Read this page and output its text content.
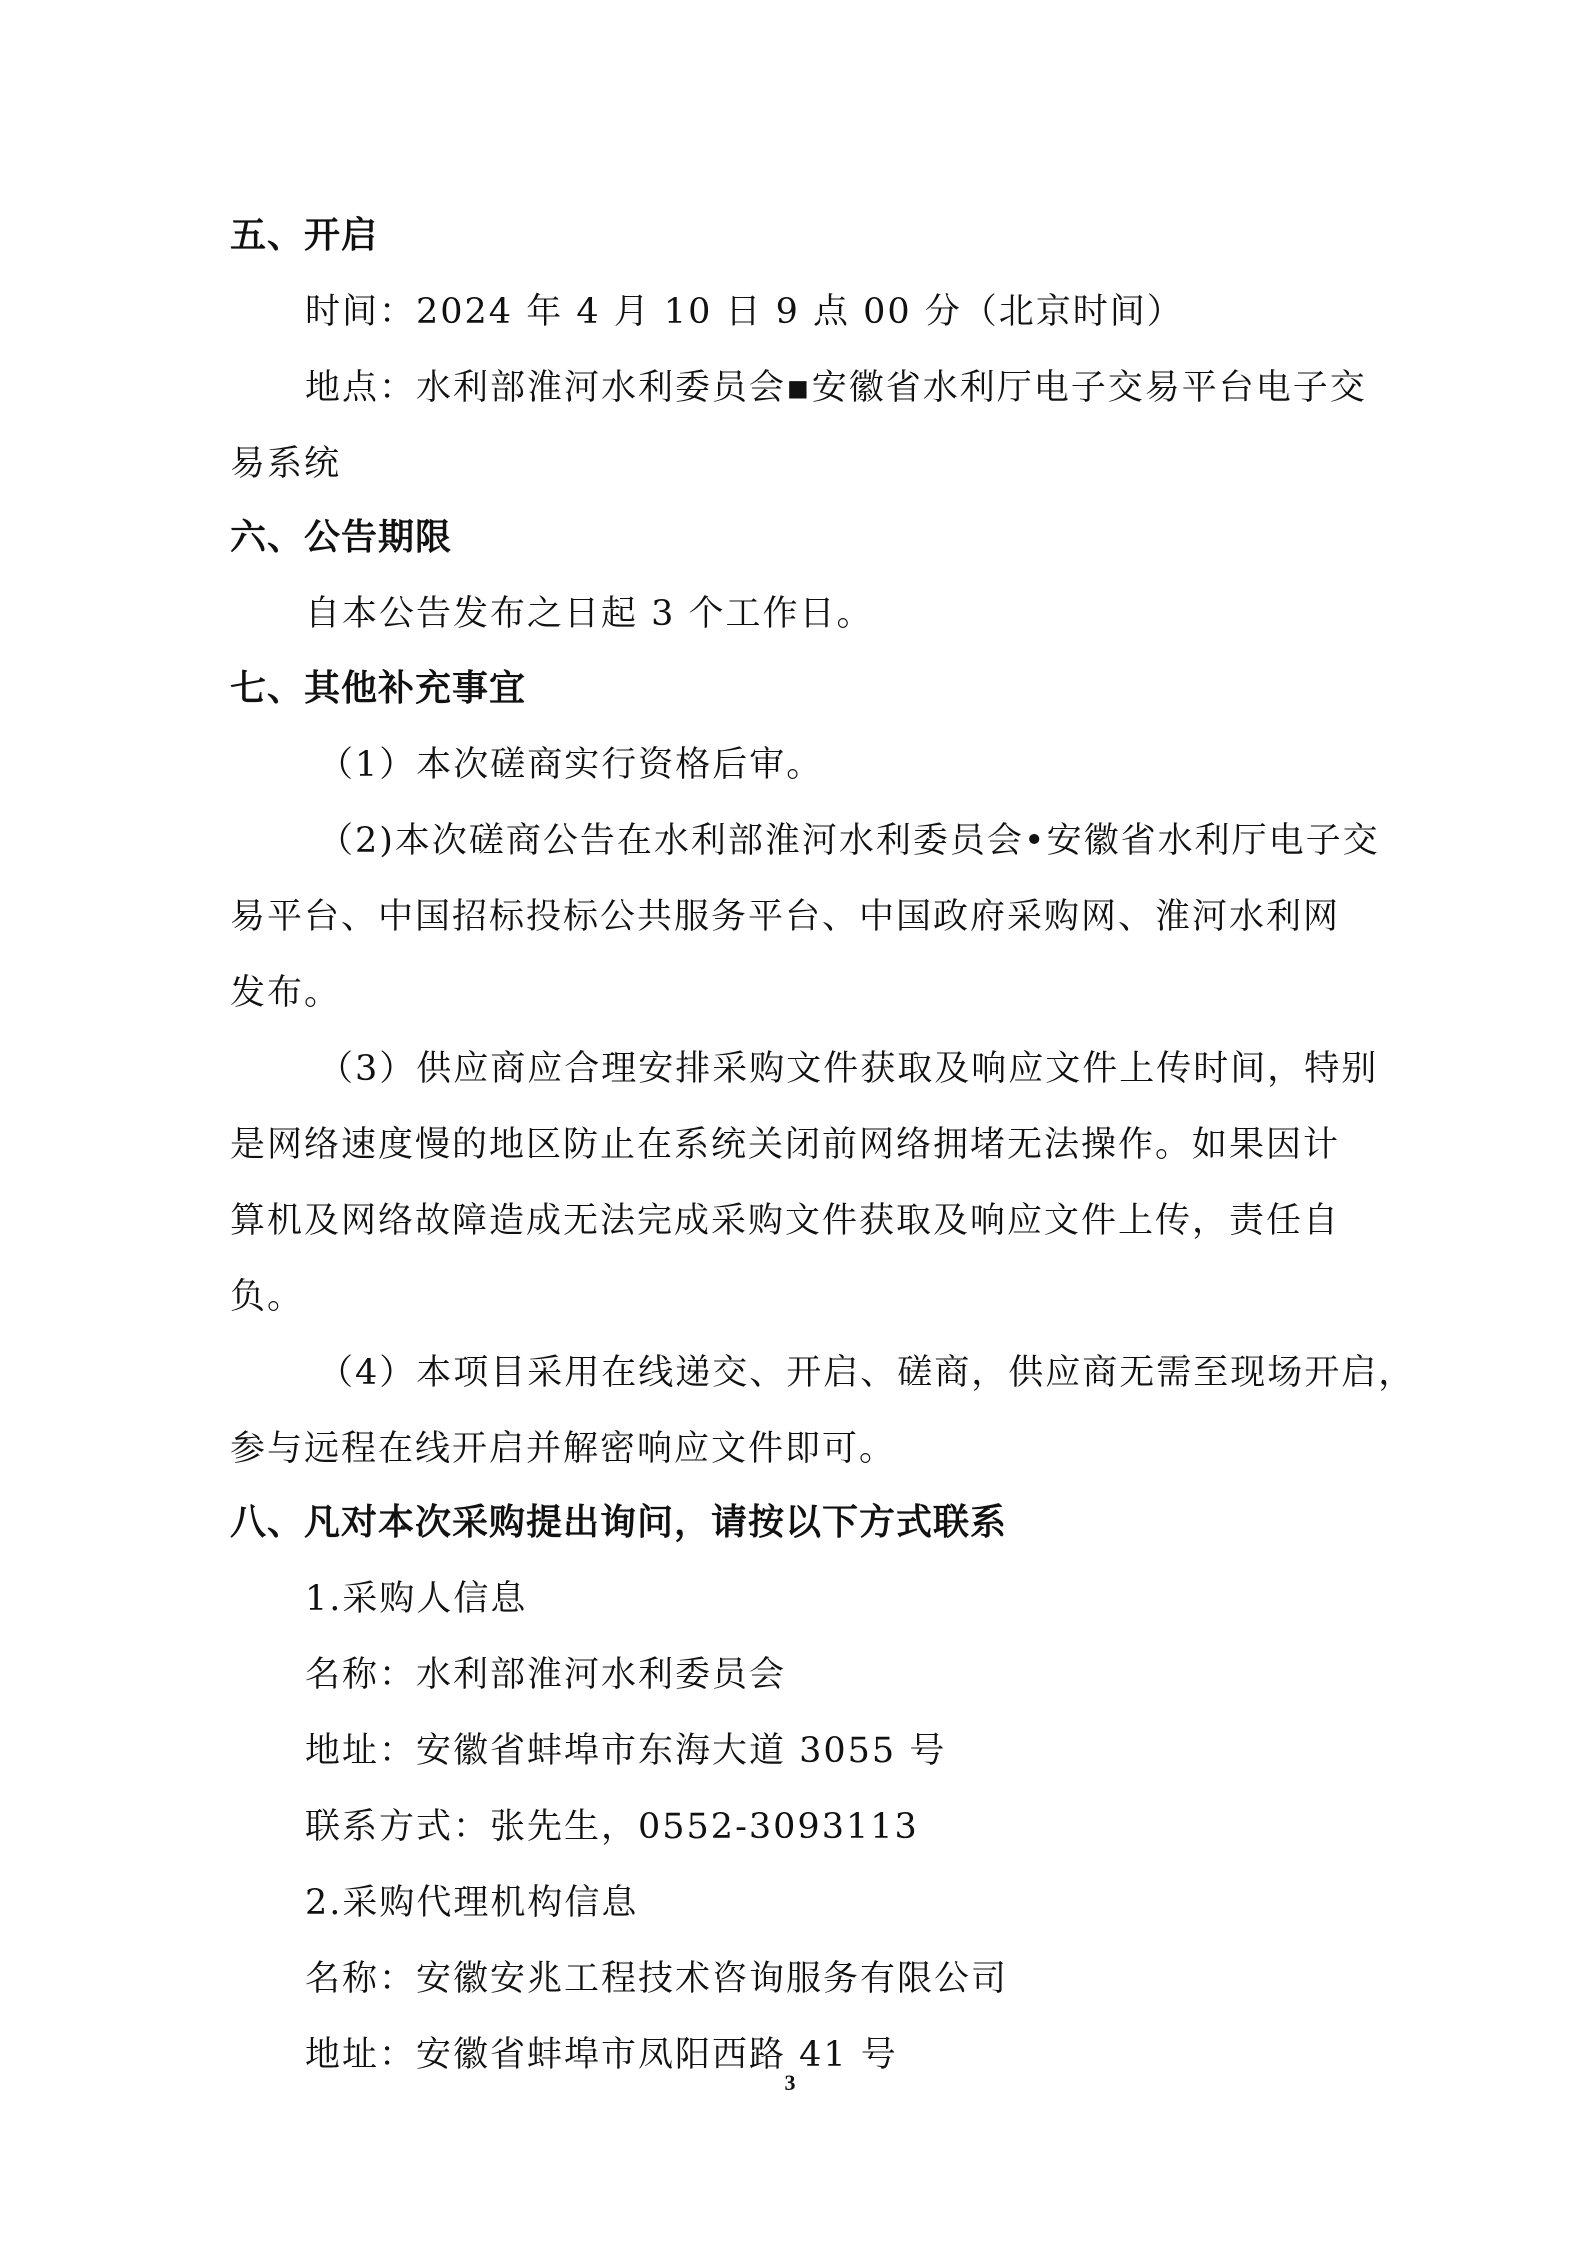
五、开启
时间：2024 年 4 月 10 日 9 点 00 分（北京时间）
地点：水利部淮河水利委员会▪安徽省水利厅电子交易平台电子交
易系统
六、公告期限
自本公告发布之日起 3 个工作日。
七、其他补充事宜
（1）本次磋商实行资格后审。
（2)本次磋商公告在水利部淮河水利委员会•安徽省水利厅电子交
易平台、中国招标投标公共服务平台、中国政府采购网、淮河水利网
发布。
（3）供应商应合理安排采购文件获取及响应文件上传时间，特别
是网络速度慢的地区防止在系统关闭前网络拥堵无法操作。如果因计
算机及网络故障造成无法完成采购文件获取及响应文件上传，责任自
负。
（4）本项目采用在线递交、开启、磋商，供应商无需至现场开启，
参与远程在线开启并解密响应文件即可。
八、凡对本次采购提出询问，请按以下方式联系
1.采购人信息
名称：水利部淮河水利委员会
地址：安徽省蚌埠市东海大道 3055 号
联系方式：张先生，0552-3093113
2.采购代理机构信息
名称：安徽安兆工程技术咨询服务有限公司
地址：安徽省蚌埠市凤阳西路 41 号
3
